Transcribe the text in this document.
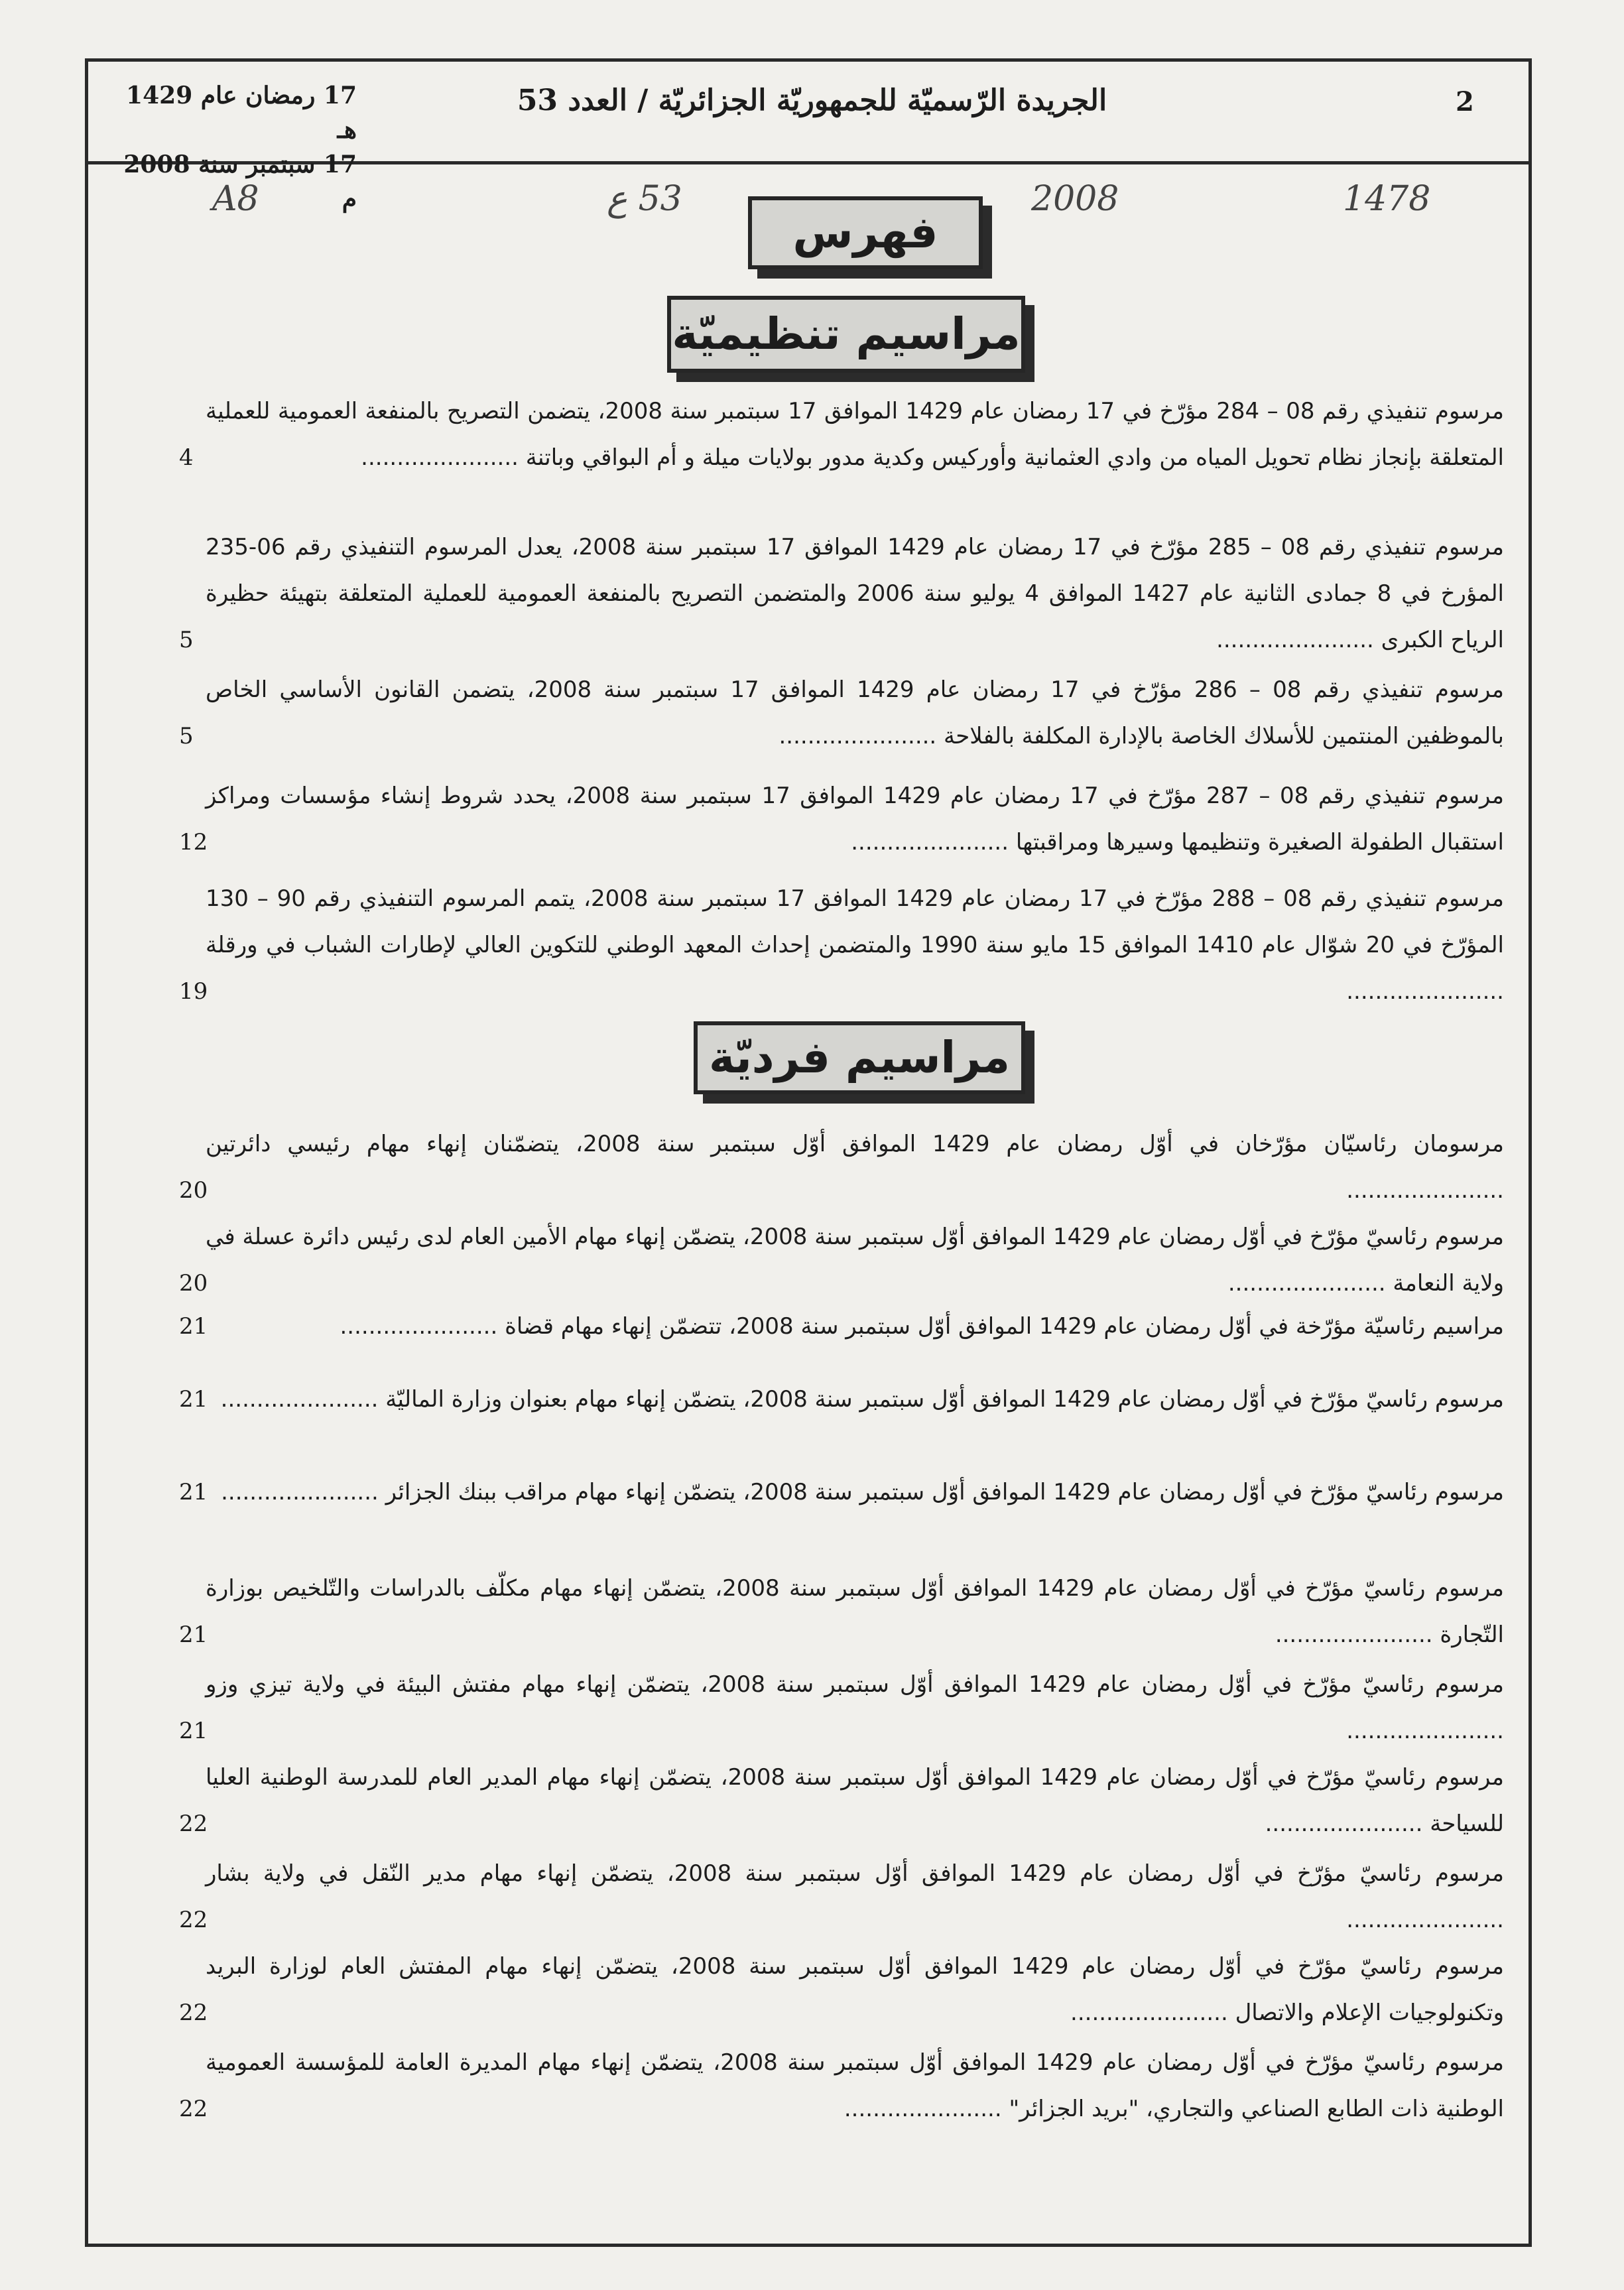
2
الجريدة الرّسميّة للجمهوريّة الجزائريّة / العدد 53
17 رمضان عام 1429 هـ
17 سبتمبر سنة 2008 م	1478
2008
53 ع
A8
فهرس
مراسيم تنظيميّة
مراسيم فرديّة
مرسوم تنفيذي رقم 08 – 284 مؤرّخ في 17 رمضان عام 1429 الموافق 17 سبتمبر سنة 2008، يتضمن التصريح بالمنفعة العمومية للعملية المتعلقة بإنجاز نظام تحويل المياه من وادي العثمانية وأوركيس وكدية مدور بولايات ميلة و أم البواقي وباتنة ......................
4
مرسوم تنفيذي رقم 08 – 285 مؤرّخ في 17 رمضان عام 1429 الموافق 17 سبتمبر سنة 2008، يعدل المرسوم التنفيذي رقم 06-235 المؤرخ في 8 جمادى الثانية عام 1427 الموافق 4 يوليو سنة 2006 والمتضمن التصريح بالمنفعة العمومية للعملية المتعلقة بتهيئة حظيرة الرياح الكبرى ......................
5
مرسوم تنفيذي رقم 08 – 286 مؤرّخ في 17 رمضان عام 1429 الموافق 17 سبتمبر سنة 2008، يتضمن القانون الأساسي الخاص بالموظفين المنتمين للأسلاك الخاصة بالإدارة المكلفة بالفلاحة ......................
5
مرسوم تنفيذي رقم 08 – 287 مؤرّخ في 17 رمضان عام 1429 الموافق 17 سبتمبر سنة 2008، يحدد شروط إنشاء مؤسسات ومراكز استقبال الطفولة الصغيرة وتنظيمها وسيرها ومراقبتها ......................
12
مرسوم تنفيذي رقم 08 – 288 مؤرّخ في 17 رمضان عام 1429 الموافق 17 سبتمبر سنة 2008، يتمم المرسوم التنفيذي رقم 90 – 130 المؤرّخ في 20 شوّال عام 1410 الموافق 15 مايو سنة 1990 والمتضمن إحداث المعهد الوطني للتكوين العالي لإطارات الشباب في ورقلة ......................
19
مرسومان رئاسيّان مؤرّخان في أوّل رمضان عام 1429 الموافق أوّل سبتمبر سنة 2008، يتضمّنان إنهاء مهام رئيسي دائرتين ......................
20
مرسوم رئاسيّ مؤرّخ في أوّل رمضان عام 1429 الموافق أوّل سبتمبر سنة 2008، يتضمّن إنهاء مهام الأمين العام لدى رئيس دائرة عسلة في ولاية النعامة ......................
20
مراسيم رئاسيّة مؤرّخة في أوّل رمضان عام 1429 الموافق أوّل سبتمبر سنة 2008، تتضمّن إنهاء مهام قضاة ......................
21
مرسوم رئاسيّ مؤرّخ في أوّل رمضان عام 1429 الموافق أوّل سبتمبر سنة 2008، يتضمّن إنهاء مهام بعنوان وزارة الماليّة ......................
21
مرسوم رئاسيّ مؤرّخ في أوّل رمضان عام 1429 الموافق أوّل سبتمبر سنة 2008، يتضمّن إنهاء مهام مراقب ببنك الجزائر ......................
21
مرسوم رئاسيّ مؤرّخ في أوّل رمضان عام 1429 الموافق أوّل سبتمبر سنة 2008، يتضمّن إنهاء مهام مكلّف بالدراسات والتّلخيص بوزارة التّجارة ......................
21
مرسوم رئاسيّ مؤرّخ في أوّل رمضان عام 1429 الموافق أوّل سبتمبر سنة 2008، يتضمّن إنهاء مهام مفتش البيئة في ولاية تيزي وزو ......................
21
مرسوم رئاسيّ مؤرّخ في أوّل رمضان عام 1429 الموافق أوّل سبتمبر سنة 2008، يتضمّن إنهاء مهام المدير العام للمدرسة الوطنية العليا للسياحة ......................
22
مرسوم رئاسيّ مؤرّخ في أوّل رمضان عام 1429 الموافق أوّل سبتمبر سنة 2008، يتضمّن إنهاء مهام مدير النّقل في ولاية بشار ......................
22
مرسوم رئاسيّ مؤرّخ في أوّل رمضان عام 1429 الموافق أوّل سبتمبر سنة 2008، يتضمّن إنهاء مهام المفتش العام لوزارة البريد وتكنولوجيات الإعلام والاتصال ......................
22
مرسوم رئاسيّ مؤرّخ في أوّل رمضان عام 1429 الموافق أوّل سبتمبر سنة 2008، يتضمّن إنهاء مهام المديرة العامة للمؤسسة العمومية الوطنية ذات الطابع الصناعي والتجاري، "بريد الجزائر" ......................
22
